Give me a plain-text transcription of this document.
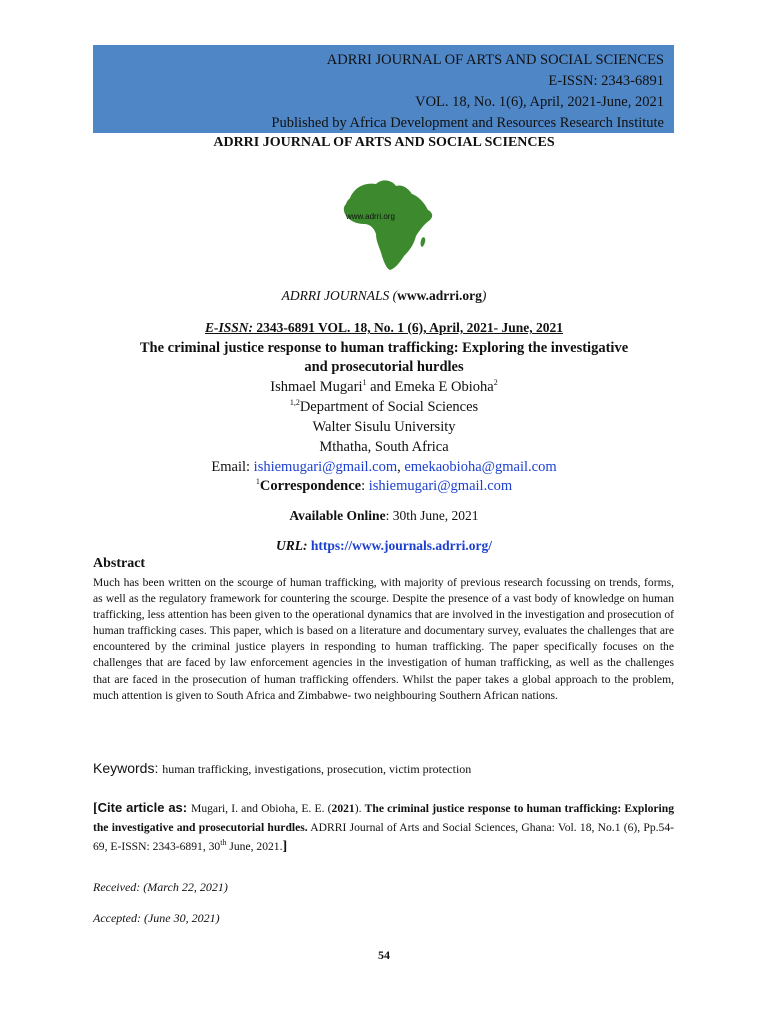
ADRRI JOURNAL OF ARTS AND SOCIAL SCIENCES
E-ISSN: 2343-6891
VOL. 18, No. 1(6), April, 2021-June, 2021
Published by Africa Development and Resources Research Institute
ADRRI JOURNAL OF ARTS AND SOCIAL SCIENCES
www.adrri.org
ADRRI JOURNALS (www.adrri.org)
E-ISSN: 2343-6891 VOL. 18, No. 1 (6), April, 2021- June, 2021
The criminal justice response to human trafficking: Exploring the investigative
and prosecutorial hurdles
Ishmael Mugari$^1$ and Emeka E Obioha$^2$
$^{1,2}$Department of Social Sciences
Walter Sisulu University
Mthatha, South Africa
Email: ishiemugari@gmail.com, emekaobioha@gmail.com
$^1$Correspondence: ishiemugari@gmail.com
Available Online: 30th June, 2021
URL: https://www.journals.adrri.org/
Abstract

Much has been written on the scourge of human trafficking, with majority of previous research focussing on trends, forms, as well as the regulatory framework for countering the scourge. Despite the presence of a vast body of knowledge on human trafficking, less attention has been given to the operational dynamics that are involved in the investigation and prosecution of human trafficking cases. This paper, which is based on a literature and documentary survey, evaluates the challenges that are encountered by the criminal justice players in responding to human trafficking. The paper specifically focuses on the challenges that are faced by law enforcement agencies in the investigation of human trafficking, as well as the challenges that are faced in the prosecution of human trafficking offenders. Whilst the paper takes a global approach to the problem, much attention is given to South Africa and Zimbabwe- two neighbouring Southern African nations.

Keywords: human trafficking, investigations, prosecution, victim protection

[Cite article as: Mugari, I. and Obioha, E. E. (2021). The criminal justice response to human trafficking: Exploring the investigative and prosecutorial hurdles. ADRRI Journal of Arts and Social Sciences, Ghana: Vol. 18, No.1 (6), Pp.54-69, E-ISSN: 2343-6891, 30th June, 2021.]

Received: (March 22, 2021)
Accepted: (June 30, 2021)
54
